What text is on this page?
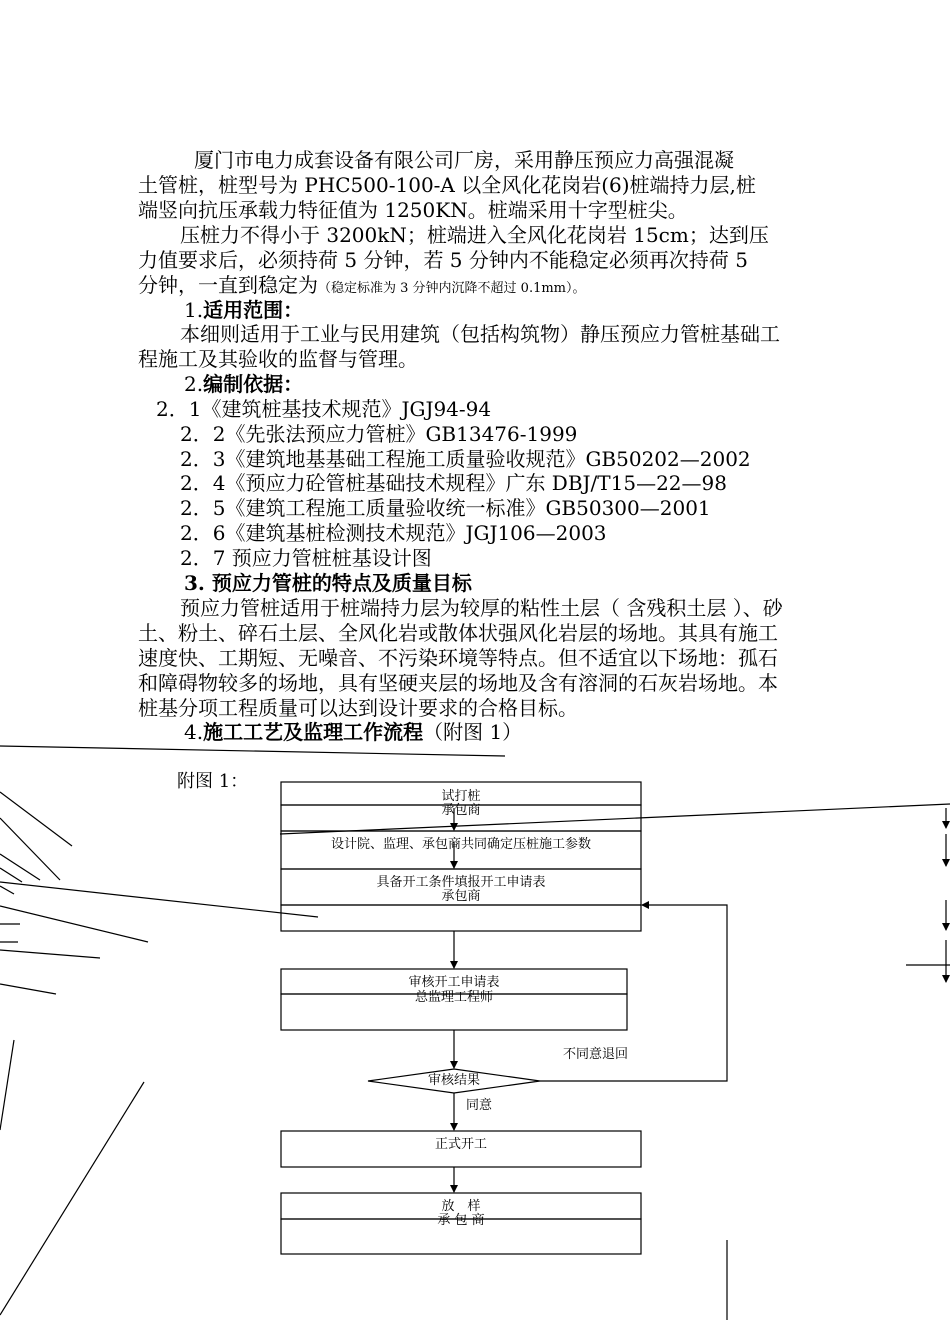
厦门市电力成套设备有限公司厂房，采用静压预应力高强混凝
土管桩，桩型号为 PHC500-100-A 以全风化花岗岩(6)桩端持力层,桩
端竖向抗压承载力特征值为 1250KN。桩端采用十字型桩尖。
压桩力不得小于 3200kN；桩端进入全风化花岗岩 15cm；达到压
力值要求后，必须持荷 5 分钟，若 5 分钟内不能稳定必须再次持荷 5
分钟，一直到稳定为（稳定标准为 3 分钟内沉降不超过 0.1mm）。
1.适用范围：
本细则适用于工业与民用建筑（包括构筑物）静压预应力管桩基础工
程施工及其验收的监督与管理。
2.编制依据：
2．1《建筑桩基技术规范》JGJ94-94
2．2《先张法预应力管桩》GB13476-1999
2．3《建筑地基基础工程施工质量验收规范》GB50202—2002
2．4《预应力砼管桩基础技术规程》广东 DBJ/T15—22—98
2．5《建筑工程施工质量验收统一标准》GB50300—2001
2．6《建筑基桩检测技术规范》JGJ106—2003
2．7 预应力管桩桩基设计图
3. 预应力管桩的特点及质量目标
预应力管桩适用于桩端持力层为较厚的粘性土层（ 含残积土层 ）、砂
土、粉土、碎石土层、全风化岩或散体状强风化岩层的场地。其具有施工
速度快、工期短、无噪音、不污染环境等特点。但不适宜以下场地：孤石
和障碍物较多的场地，具有坚硬夹层的场地及含有溶洞的石灰岩场地。本
桩基分项工程质量可以达到设计要求的合格目标。
4.施工工艺及监理工作流程（附图 1）
附图 1：
试打桩
承包商
设计院、监理、承包商共同确定压桩施工参数
具备开工条件填报开工申请表
承包商
审核开工申请表
总监理工程师
不同意退回
审核结果
同意
正式开工
放　样
承 包 商
